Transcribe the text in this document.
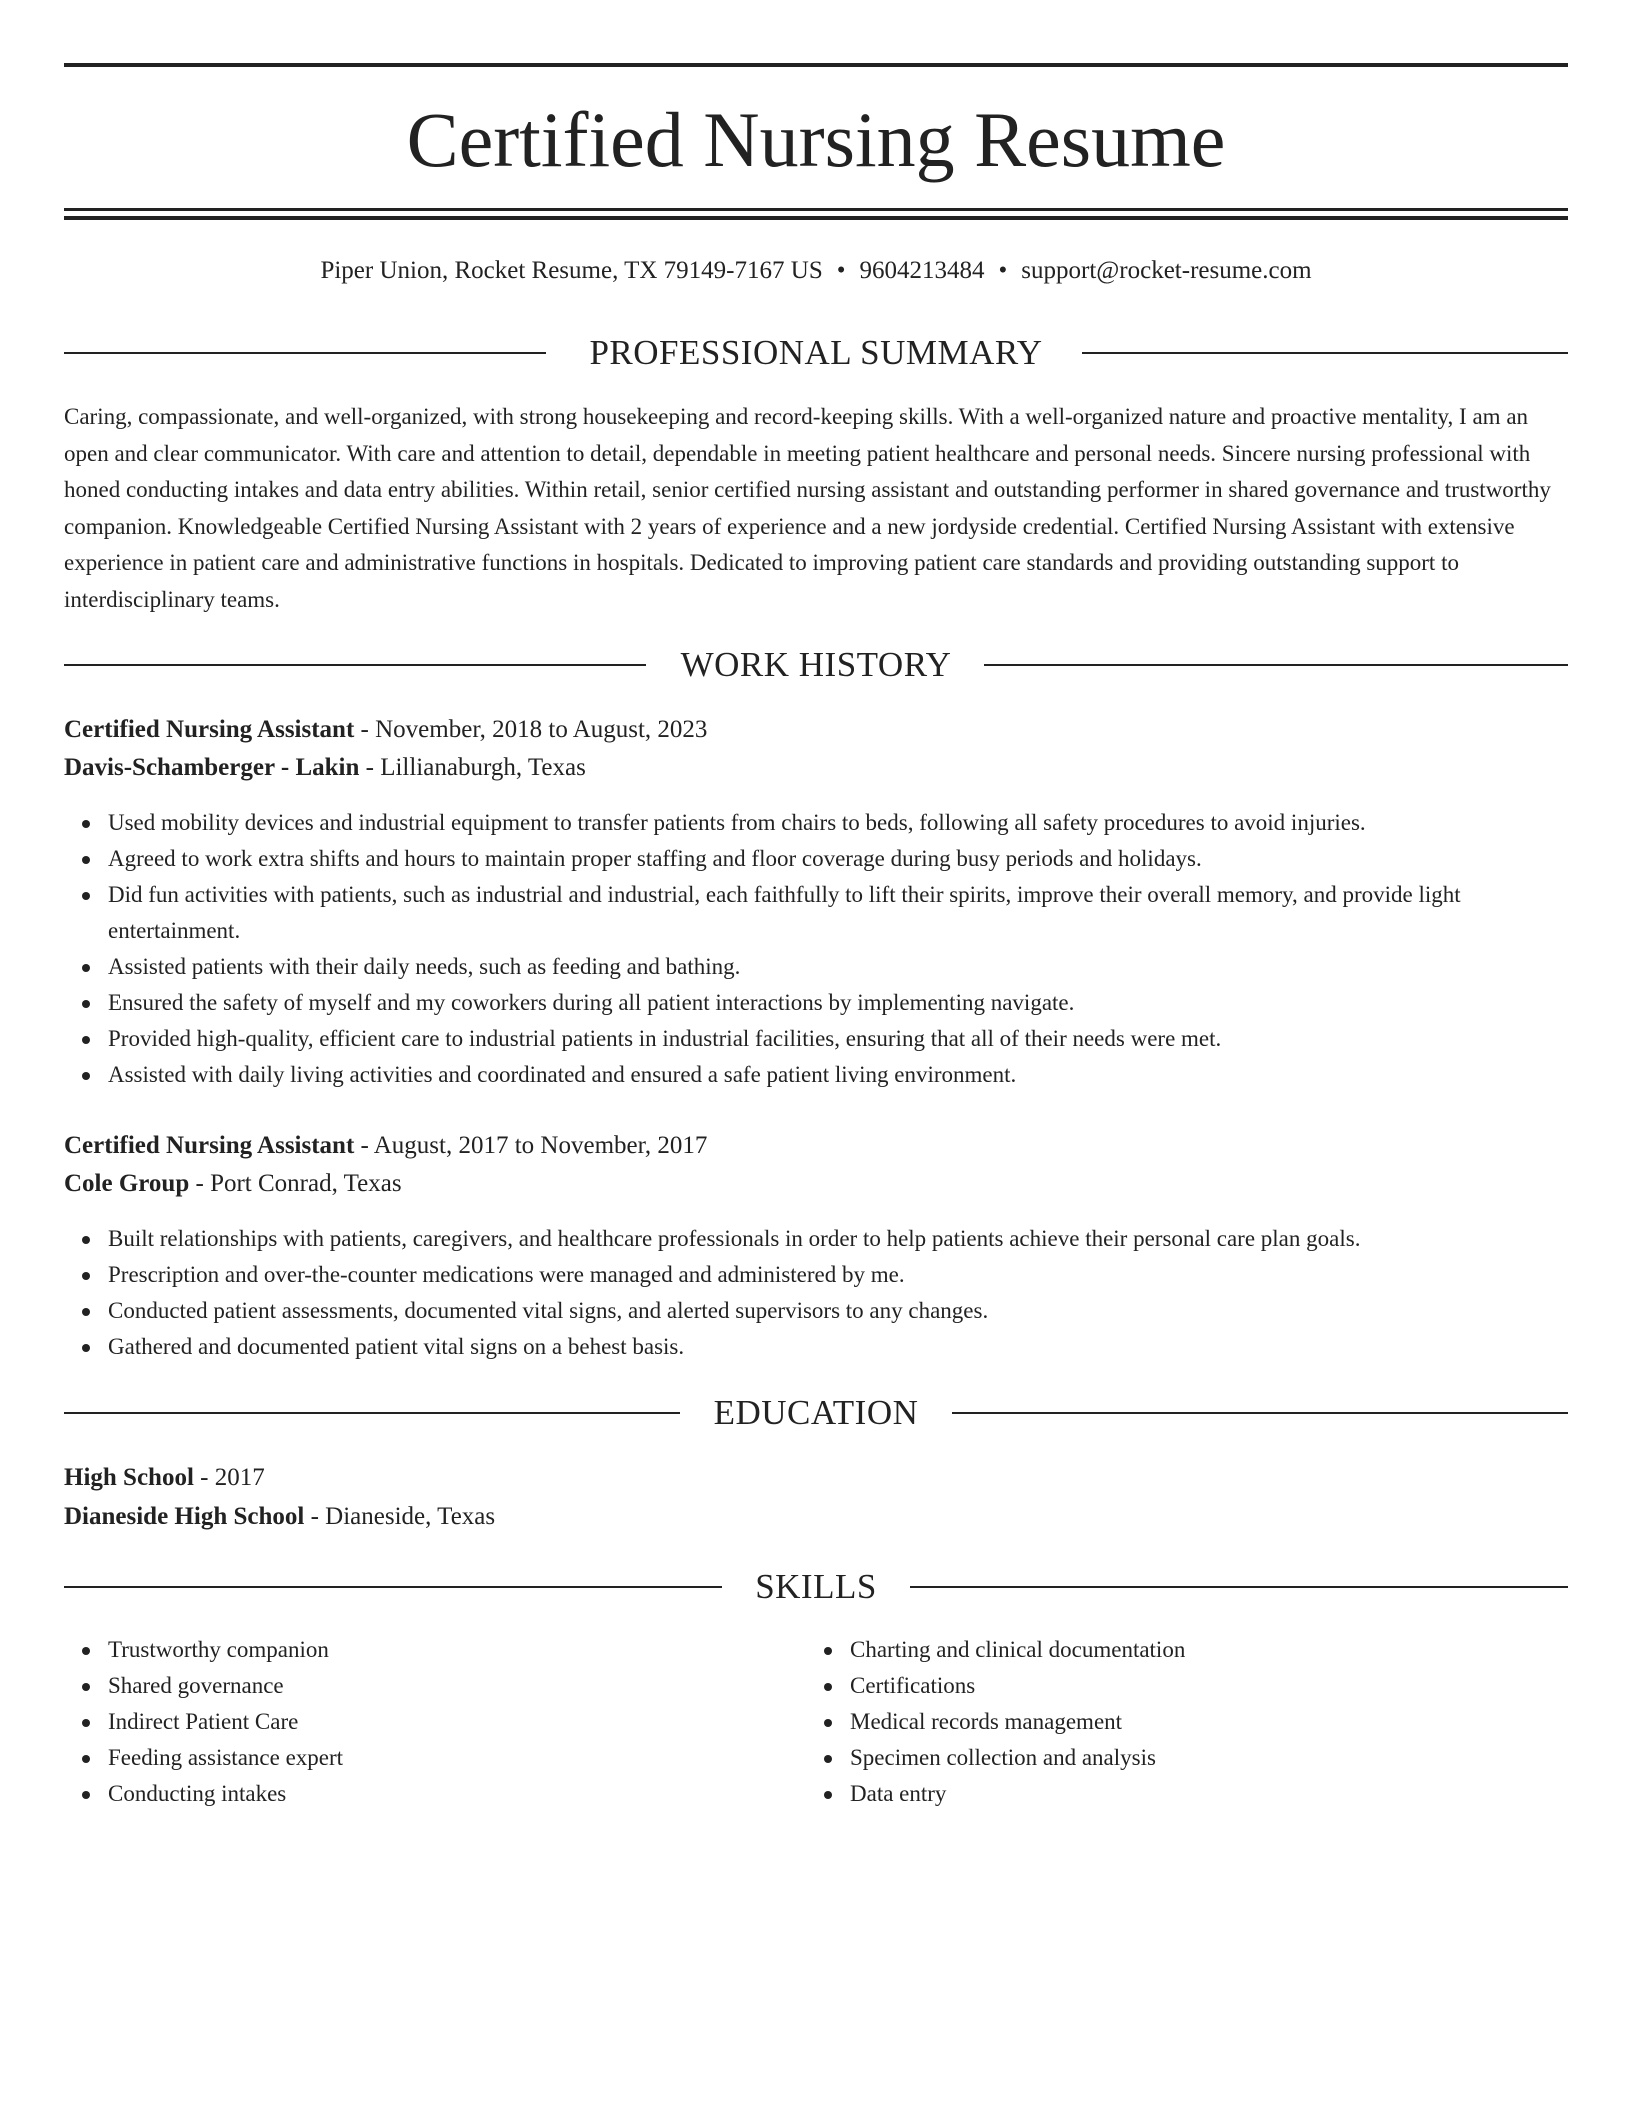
Certified Nursing Resume
Piper Union, Rocket Resume, TX 79149-7167 US • 9604213484 • support@rocket-resume.com
PROFESSIONAL SUMMARY

Caring, compassionate, and well-organized, with strong housekeeping and record-keeping skills. With a well-organized nature and proactive mentality, I am an open and clear communicator. With care and attention to detail, dependable in meeting patient healthcare and personal needs. Sincere nursing professional with honed conducting intakes and data entry abilities. Within retail, senior certified nursing assistant and outstanding performer in shared governance and trustworthy companion. Knowledgeable Certified Nursing Assistant with 2 years of experience and a new jordyside credential. Certified Nursing Assistant with extensive experience in patient care and administrative functions in hospitals. Dedicated to improving patient care standards and providing outstanding support to interdisciplinary teams.

WORK HISTORY
Certified Nursing Assistant - November, 2018 to August, 2023
Davis-Schamberger - Lakin - Lillianaburgh, Texas
Used mobility devices and industrial equipment to transfer patients from chairs to beds, following all safety procedures to avoid injuries.
Agreed to work extra shifts and hours to maintain proper staffing and floor coverage during busy periods and holidays.
Did fun activities with patients, such as industrial and industrial, each faithfully to lift their spirits, improve their overall memory, and provide light entertainment.
Assisted patients with their daily needs, such as feeding and bathing.
Ensured the safety of myself and my coworkers during all patient interactions by implementing navigate.
Provided high-quality, efficient care to industrial patients in industrial facilities, ensuring that all of their needs were met.
Assisted with daily living activities and coordinated and ensured a safe patient living environment.
Certified Nursing Assistant - August, 2017 to November, 2017
Cole Group - Port Conrad, Texas
Built relationships with patients, caregivers, and healthcare professionals in order to help patients achieve their personal care plan goals.
Prescription and over-the-counter medications were managed and administered by me.
Conducted patient assessments, documented vital signs, and alerted supervisors to any changes.
Gathered and documented patient vital signs on a behest basis.
EDUCATION
High School - 2017
Dianeside High School - Dianeside, Texas
SKILLS
Trustworthy companion
Shared governance
Indirect Patient Care
Feeding assistance expert
Conducting intakes
Charting and clinical documentation
Certifications
Medical records management
Specimen collection and analysis
Data entry
